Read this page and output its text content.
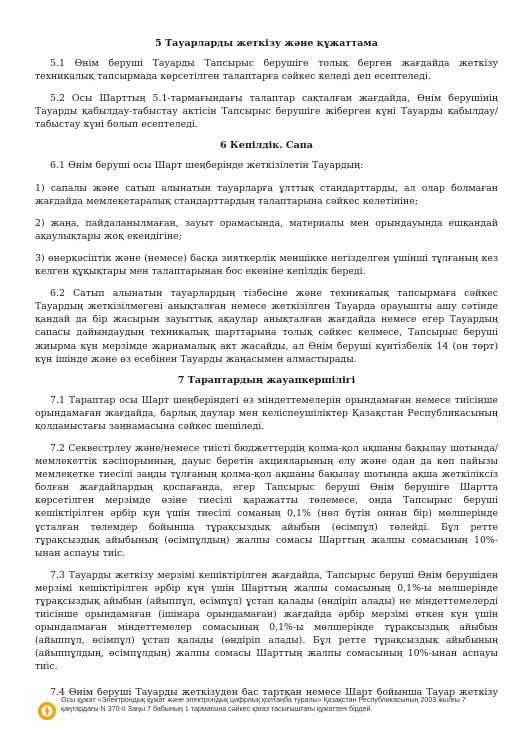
5 Тауарларды жеткізу және құжаттама

5.1 Өнім беруші Тауарды Тапсырыс берушіге толық берген жағдайда жеткізу техникалық тапсырмада көрсетілген талаптарға сәйкес келеді деп есептеледі.

5.2 Осы Шарттың 5.1-тармағындағы талаптар сақталған жағдайда, Өнім берушінің Тауарды қабылдау-табыстау актісін Тапсырыс берушіге жіберген күні Тауарды қабылдау/табыстау күні болып есептеледі.

6 Кепілдік. Сапа

6.1 Өнім беруші осы Шарт шеңберінде жеткізілетін Тауардың:

1) сапалы және сатып алынатын тауарларға ұлттық стандарттарды, ал олар болмаған жағдайда мемлекетаралық стандарттардың талаптарына сәйкес келетініне;

2) жаңа, пайдаланылмаған, зауыт орамасында, материалы мен орындауында ешқандай ақаулықтары жоқ екендігіне;

3) өнеркәсіптік және (немесе) басқа зияткерлік меншікке негізделген үшінші тұлғаның кез келген құқықтары мен талаптарынан бос екеніне кепілдік береді.

6.2 Сатып алынатын тауарлардың тізбесіне және техникалық тапсырмаға сәйкес Тауардың жеткізілмегені анықталған немесе жеткізілген Тауарда орауышты ашу сәтінде қандай да бір жасырын зауыттық ақаулар анықталған жағдайда немесе егер Тауардың сапасы дайындаудың техникалық шарттарына толық сәйкес келмесе, Тапсырыс беруші жиырма күн мерзімде жарнамалық акт жасайды, ал Өнім беруші күнтізбелік 14 (он төрт) күн ішінде және өз есебінен Тауарды жаңасымен алмастырады.

7 Тараптардың жауапкершілігі

7.1 Тараптар осы Шарт шеңберіндегі өз міндеттемелерін орындамаған немесе тиісінше орындамаған жағдайда, барлық даулар мен келіспеушіліктер Қазақстан Республикасының қолданыстағы заңнамасына сәйкес шешіледі.

7.2 Секвестрлеу және/немесе тиісті бюджеттердің қолма-қол ақшаны бақылау шотында/мемлекеттік кәсіпорынның, дауыс беретін акцияларының елу және одан да көп пайызы мемлекетке тиесілі заңды тұлғаның қолма-қол ақшаны бақылау шотында ақша жеткіліксіз болған жағдайлардың қоспағанда, егер Тапсырыс беруші Өнім берушіге Шартта көрсетілген мерзімде өзіне тиесілі қаражатты төлемесе, онда Тапсырыс беруші кешіктірілген әрбір күн үшін тиесілі соманың 0,1% (нөл бүтін оннан бір) мөлшерінде ұсталған төлемдер бойынша тұрақсыздық айыбын (өсімпұл) төлейді. Бұл ретте тұрақсыздық айыбының (өсімпұлдың) жалпы сомасы Шарттың жалпы сомасының 10%-ынан аспауы тиіс.

7.3 Тауарды жеткізу мерзімі кешіктірілген жағдайда, Тапсырыс беруші Өнім берушіден мерзімі кешіктірілген әрбір күн үшін Шарттың жалпы сомасының 0,1%-ы мөлшерінде тұрақсыздық айыбын (айыппұл, өсімпұл) ұстап қалады (өндіріп алады) не міндеттемелерді тиісінше орындамаған (ішінара орындамаған) жағдайда әрбір мерзімі өткен күн үшін орындалмаған міндеттемелер сомасының 0,1%-ы мөлшерінде тұрақсыздық айыбын (айыппұл, өсімпұл) ұстап қалады (өндіріп алады). Бұл ретте тұрақсыздық айыбының (айыппұлдың, өсімпұлдың) жалпы сомасы Шарттың жалпы сомасының 10%-ынан аспауы тиіс.

7.4 Өнім беруші Тауарды жеткізуден бас тартқан немесе Шарт бойынша Тауар жеткізу

Осы құжат «Электрондық құжат және электрондық цифрлық қолтаңба туралы» Қазақстан Республикасының 2003 жылғы 7 қаңтардағы N 370-II Заңы 7 бабының 1 тармағына сәйкес қағаз тасығыштағы құжатпен бірдей.
